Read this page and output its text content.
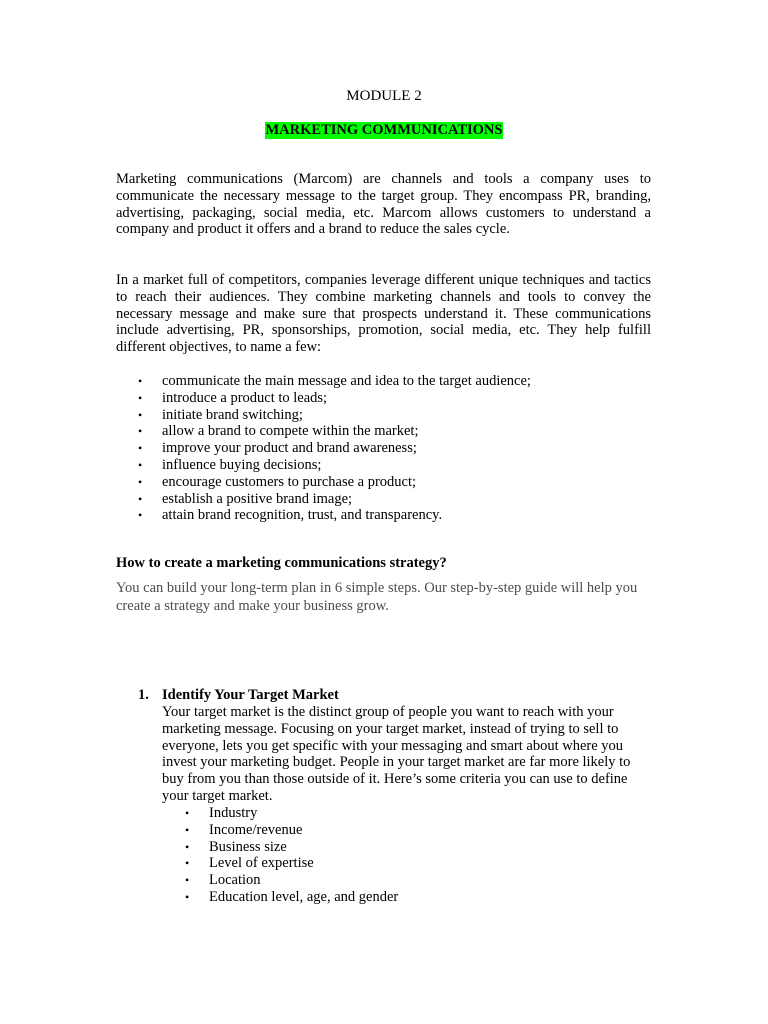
MODULE 2
MARKETING COMMUNICATIONS

Marketing communications (Marcom) are channels and tools a company uses to communicate the necessary message to the target group. They encompass PR, branding, advertising, packaging, social media, etc. Marcom allows customers to understand a company and product it offers and a brand to reduce the sales cycle.

In a market full of competitors, companies leverage different unique techniques and tactics to reach their audiences. They combine marketing channels and tools to convey the necessary message and make sure that prospects understand it. These communications include advertising, PR, sponsorships, promotion, social media, etc. They help fulfill different objectives, to name a few:

• communicate the main message and idea to the target audience;
• introduce a product to leads;
• initiate brand switching;
• allow a brand to compete within the market;
• improve your product and brand awareness;
• influence buying decisions;
• encourage customers to purchase a product;
• establish a positive brand image;
• attain brand recognition, trust, and transparency.
How to create a marketing communications strategy?
You can build your long-term plan in 6 simple steps. Our step-by-step guide will help you create a strategy and make your business grow.
1. Identify Your Target Market

Your target market is the distinct group of people you want to reach with your marketing message. Focusing on your target market, instead of trying to sell to everyone, lets you get specific with your messaging and smart about where you invest your marketing budget. People in your target market are far more likely to buy from you than those outside of it. Here’s some criteria you can use to define your target market.

• Industry
• Income/revenue
• Business size
• Level of expertise
• Location
• Education level, age, and gender
